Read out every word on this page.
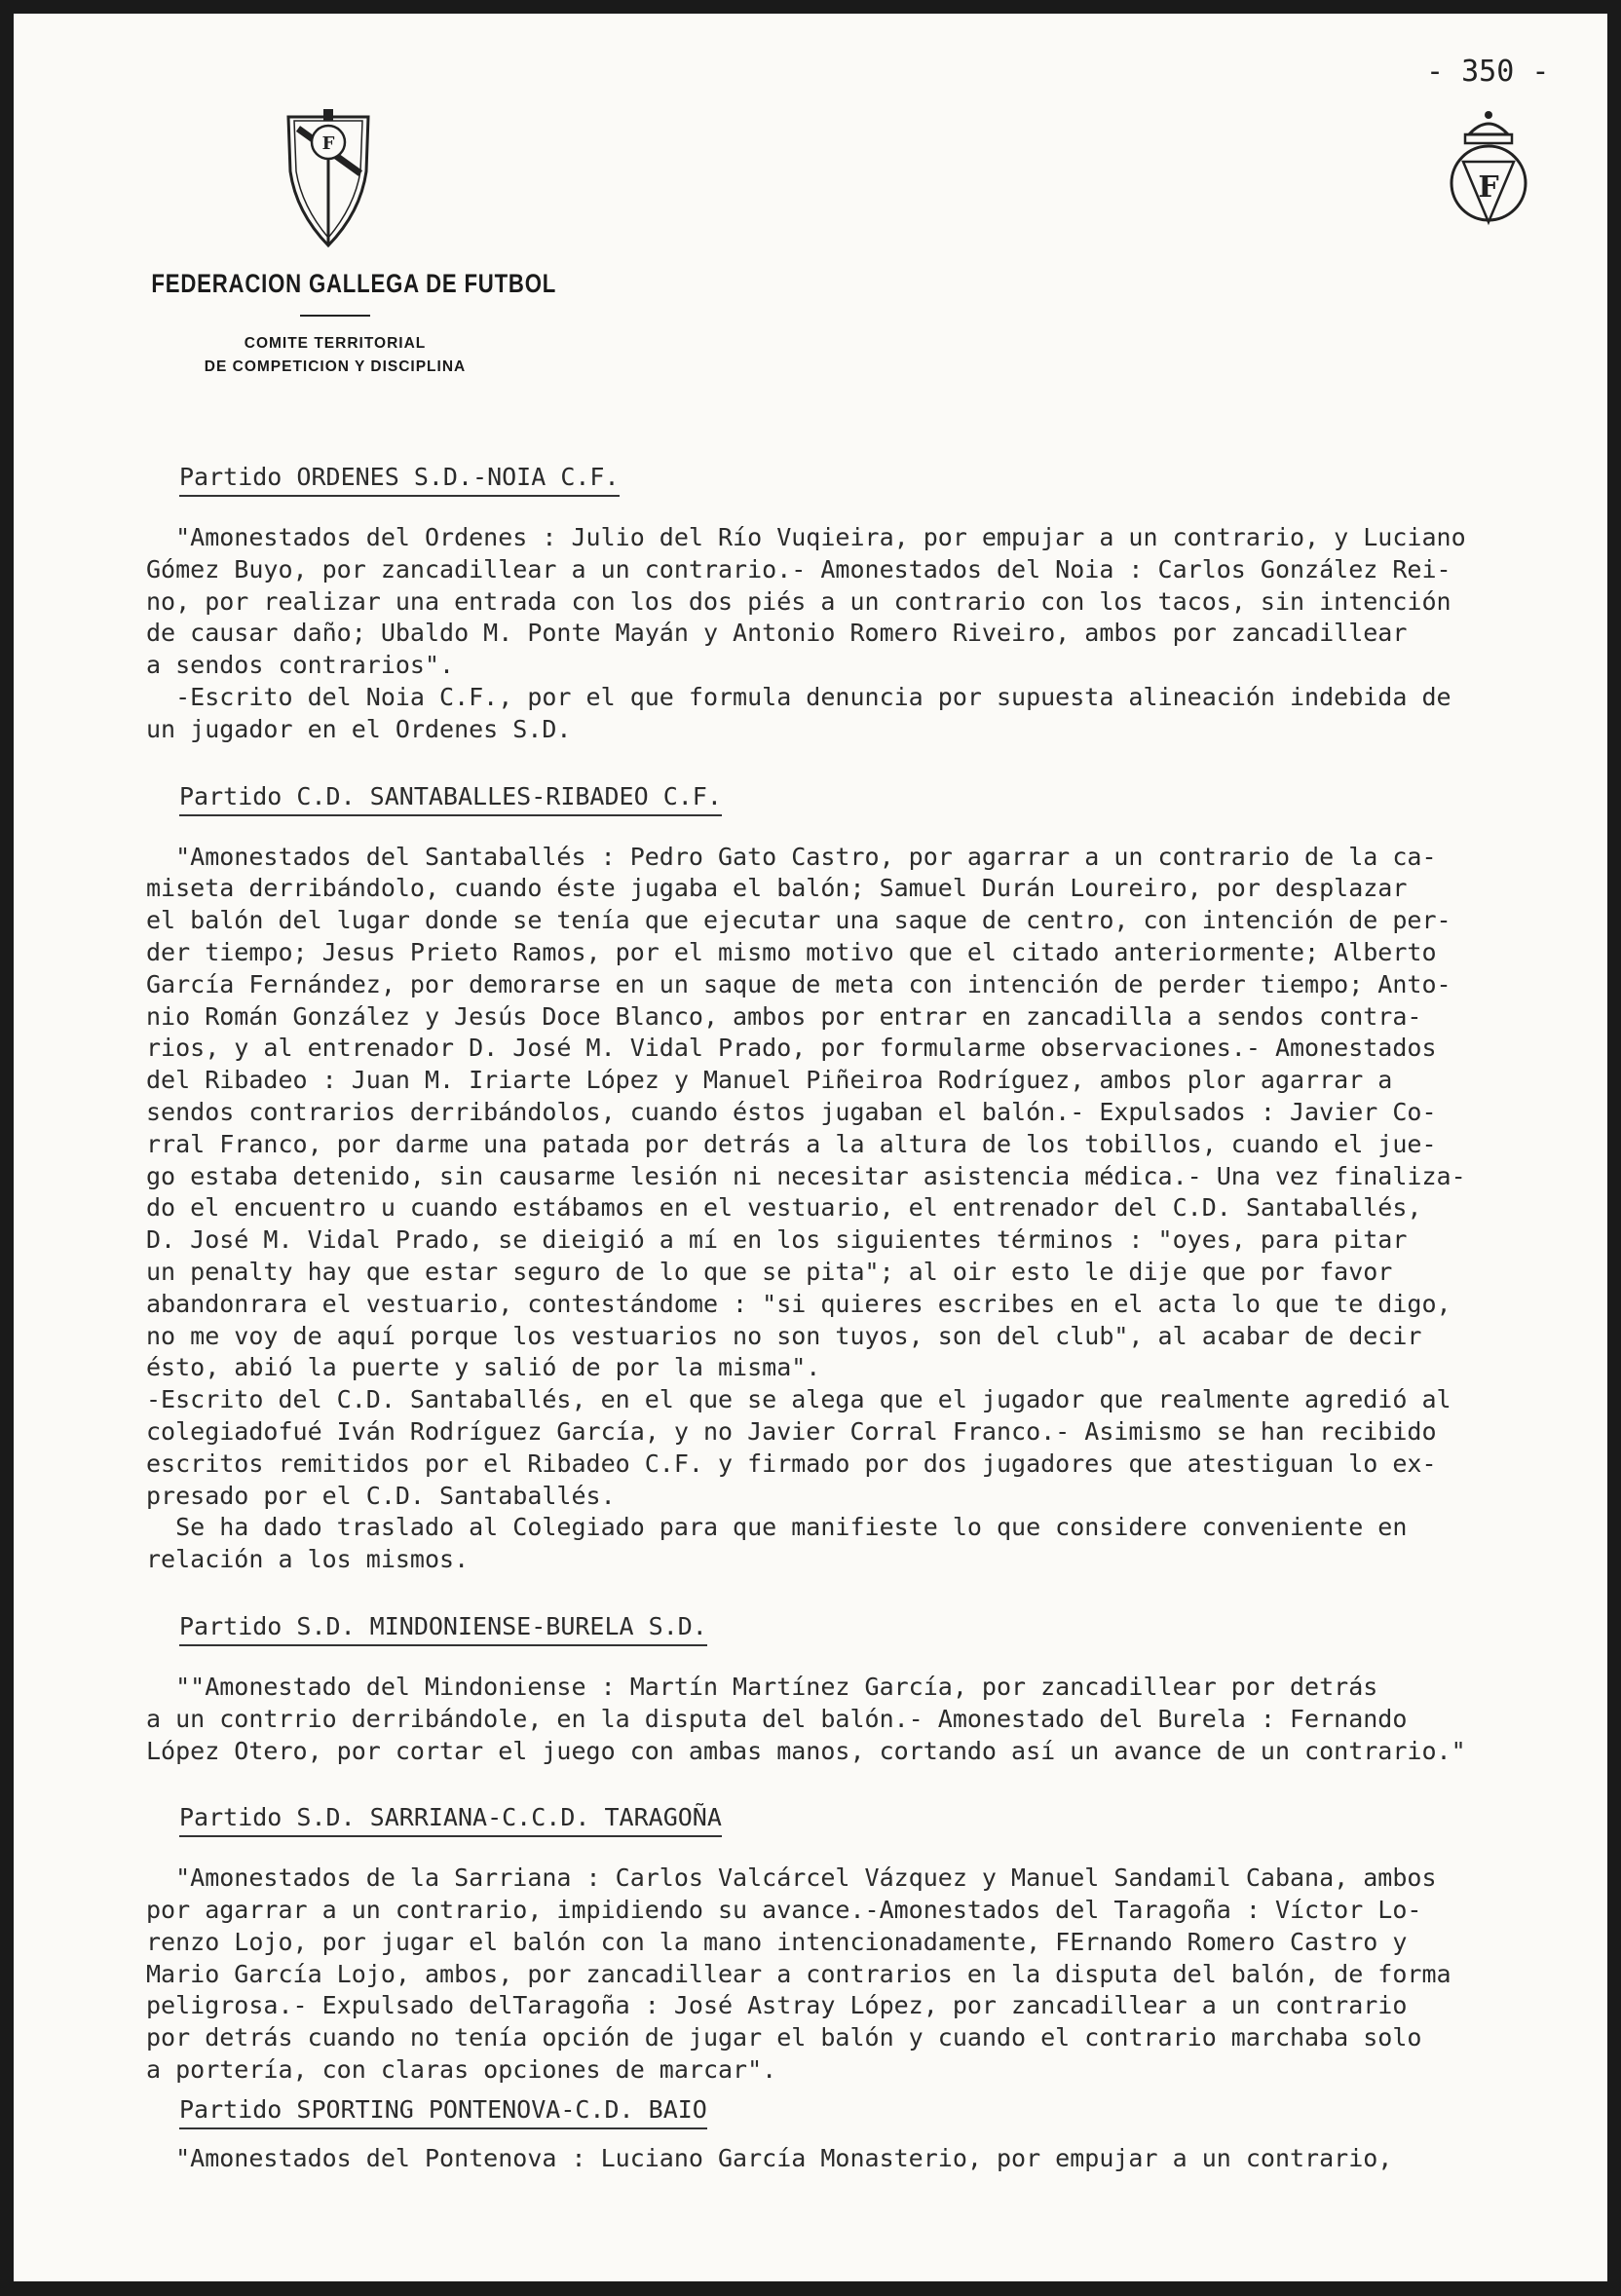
- 350 -
F
F
FEDERACION GALLEGA DE FUTBOL
COMITE TERRITORIAL
DE COMPETICION Y DISCIPLINA
Partido ORDENES S.D.-NOIA C.F.
"Amonestados del Ordenes : Julio del Río Vuqieira, por empujar a un contrario, y Luciano
Gómez Buyo, por zancadillear a un contrario.- Amonestados del Noia : Carlos González Rei-
no, por realizar una entrada con los dos piés a un contrario con los tacos, sin intención
de causar daño; Ubaldo M. Ponte Mayán y Antonio Romero Riveiro, ambos por zancadillear
a sendos contrarios".
-Escrito del Noia C.F., por el que formula denuncia por supuesta alineación indebida de
un jugador en el Ordenes S.D.
Partido C.D. SANTABALLES-RIBADEO C.F.
"Amonestados del Santaballés : Pedro Gato Castro, por agarrar a un contrario de la ca-
miseta derribándolo, cuando éste jugaba el balón; Samuel Durán Loureiro, por desplazar
el balón del lugar donde se tenía que ejecutar una saque de centro, con intención de per-
der tiempo; Jesus Prieto Ramos, por el mismo motivo que el citado anteriormente; Alberto
García Fernández, por demorarse en un saque de meta con intención de perder tiempo; Anto-
nio Román González y Jesús Doce Blanco, ambos por entrar en zancadilla a sendos contra-
rios, y al entrenador D. José M. Vidal Prado, por formularme observaciones.- Amonestados
del Ribadeo : Juan M. Iriarte López y Manuel Piñeiroa Rodríguez, ambos plor agarrar a
sendos contrarios derribándolos, cuando éstos jugaban el balón.- Expulsados : Javier Co-
rral Franco, por darme una patada por detrás a la altura de los tobillos, cuando el jue-
go estaba detenido, sin causarme lesión ni necesitar asistencia médica.- Una vez finaliza-
do el encuentro u cuando estábamos en el vestuario, el entrenador del C.D. Santaballés,
D. José M. Vidal Prado, se dieigió a mí en los siguientes términos : "oyes, para pitar
un penalty hay que estar seguro de lo que se pita"; al oir esto le dije que por favor
abandonrara el vestuario, contestándome : "si quieres escribes en el acta lo que te digo,
no me voy de aquí porque los vestuarios no son tuyos, son del club", al acabar de decir
ésto, abió la puerte y salió de por la misma".
-Escrito del C.D. Santaballés, en el que se alega que el jugador que realmente agredió al
colegiadofué Iván Rodríguez García, y no Javier Corral Franco.- Asimismo se han recibido
escritos remitidos por el Ribadeo C.F. y firmado por dos jugadores que atestiguan lo ex-
presado por el C.D. Santaballés.
Se ha dado traslado al Colegiado para que manifieste lo que considere conveniente en
relación a los mismos.
Partido S.D. MINDONIENSE-BURELA S.D.
""Amonestado del Mindoniense : Martín Martínez García, por zancadillear por detrás
a un contrrio derribándole, en la disputa del balón.- Amonestado del Burela : Fernando
López Otero, por cortar el juego con ambas manos, cortando así un avance de un contrario."
Partido S.D. SARRIANA-C.C.D. TARAGOÑA
"Amonestados de la Sarriana : Carlos Valcárcel Vázquez y Manuel Sandamil Cabana, ambos
por agarrar a un contrario, impidiendo su avance.-Amonestados del Taragoña : Víctor Lo-
renzo Lojo, por jugar el balón con la mano intencionadamente, FErnando Romero Castro y
Mario García Lojo, ambos, por zancadillear a contrarios en la disputa del balón, de forma
peligrosa.- Expulsado delTaragoña : José Astray López, por zancadillear a un contrario
por detrás cuando no tenía opción de jugar el balón y cuando el contrario marchaba solo
a portería, con claras opciones de marcar".
Partido SPORTING PONTENOVA-C.D. BAIO
"Amonestados del Pontenova : Luciano García Monasterio, por empujar a un contrario,
